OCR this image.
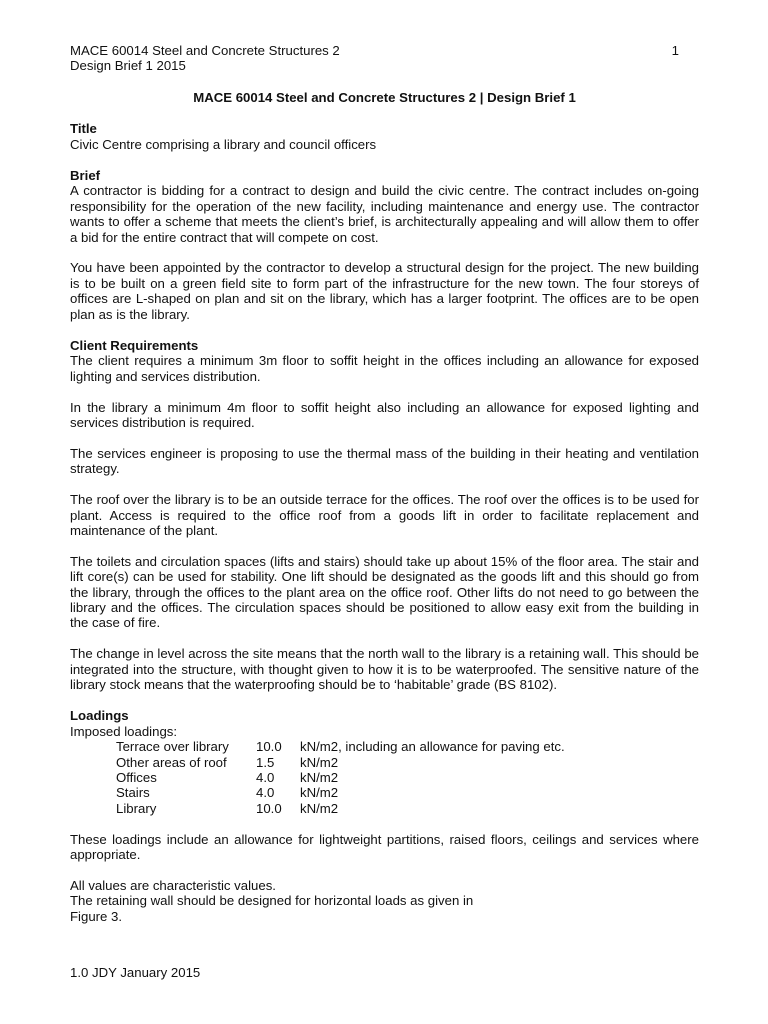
MACE 60014 Steel and Concrete Structures 2
Design Brief 1 2015
1
MACE 60014 Steel and Concrete Structures 2 | Design Brief 1
Title

Civic Centre comprising a library and council officers

Brief

A contractor is bidding for a contract to design and build the civic centre. The contract includes on-going responsibility for the operation of the new facility, including maintenance and energy use. The contractor wants to offer a scheme that meets the client’s brief, is architecturally appealing and will allow them to offer a bid for the entire contract that will compete on cost.

You have been appointed by the contractor to develop a structural design for the project. The new building is to be built on a green field site to form part of the infrastructure for the new town. The four storeys of offices are L-shaped on plan and sit on the library, which has a larger footprint. The offices are to be open plan as is the library.

Client Requirements

The client requires a minimum 3m floor to soffit height in the offices including an allowance for exposed lighting and services distribution.

In the library a minimum 4m floor to soffit height also including an allowance for exposed lighting and services distribution is required.

The services engineer is proposing to use the thermal mass of the building in their heating and ventilation strategy.

The roof over the library is to be an outside terrace for the offices. The roof over the offices is to be used for plant. Access is required to the office roof from a goods lift in order to facilitate replacement and maintenance of the plant.

The toilets and circulation spaces (lifts and stairs) should take up about 15% of the floor area. The stair and lift core(s) can be used for stability. One lift should be designated as the goods lift and this should go from the library, through the offices to the plant area on the office roof. Other lifts do not need to go between the library and the offices. The circulation spaces should be positioned to allow easy exit from the building in the case of fire.

The change in level across the site means that the north wall to the library is a retaining wall. This should be integrated into the structure, with thought given to how it is to be waterproofed. The sensitive nature of the library stock means that the waterproofing should be to ‘habitable’ grade (BS 8102).

Loadings
Imposed loadings:
Terrace over library	10.0	kN/m2, including an allowance for paving etc.
Other areas of roof	1.5	kN/m2
Offices	4.0	kN/m2
Stairs	4.0	kN/m2
Library	10.0	kN/m2

These loadings include an allowance for lightweight partitions, raised floors, ceilings and services where appropriate.

All values are characteristic values.
The retaining wall should be designed for horizontal loads as given in
Figure 3.
1.0 JDY January 2015
